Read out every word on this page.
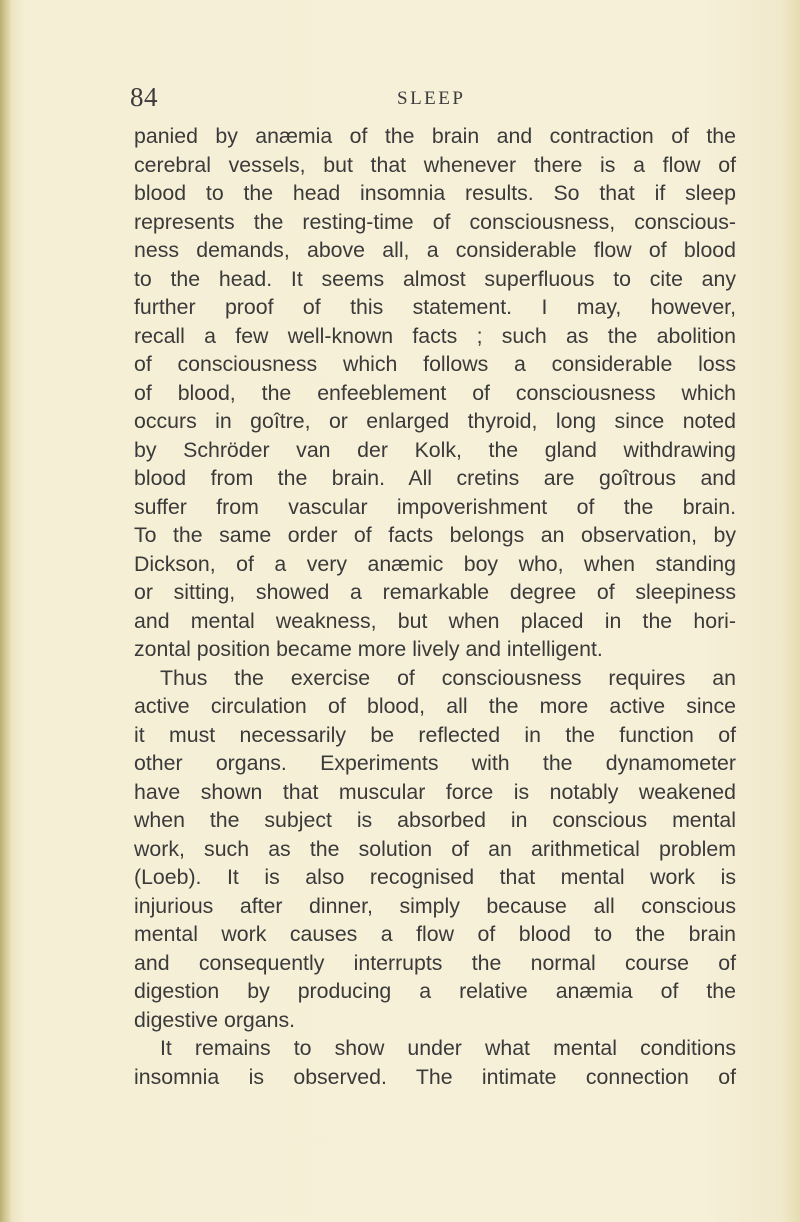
84	SLEEP
panied by anæmia of the brain and contraction of the
cerebral vessels, but that whenever there is a flow of
blood to the head insomnia results. So that if sleep
represents the resting-time of consciousness, conscious-
ness demands, above all, a considerable flow of blood
to the head. It seems almost superfluous to cite any
further proof of this statement. I may, however,
recall a few well-known facts ; such as the abolition
of consciousness which follows a considerable loss
of blood, the enfeeblement of consciousness which
occurs in goître, or enlarged thyroid, long since noted
by Schröder van der Kolk, the gland withdrawing
blood from the brain. All cretins are goîtrous and
suffer from vascular impoverishment of the brain.
To the same order of facts belongs an observation, by
Dickson, of a very anæmic boy who, when standing
or sitting, showed a remarkable degree of sleepiness
and mental weakness, but when placed in the hori-
zontal position became more lively and intelligent.
Thus the exercise of consciousness requires an
active circulation of blood, all the more active since
it must necessarily be reflected in the function of
other organs. Experiments with the dynamometer
have shown that muscular force is notably weakened
when the subject is absorbed in conscious mental
work, such as the solution of an arithmetical problem
(Loeb). It is also recognised that mental work is
injurious after dinner, simply because all conscious
mental work causes a flow of blood to the brain
and consequently interrupts the normal course of
digestion by producing a relative anæmia of the
digestive organs.
It remains to show under what mental conditions
insomnia is observed. The intimate connection of
